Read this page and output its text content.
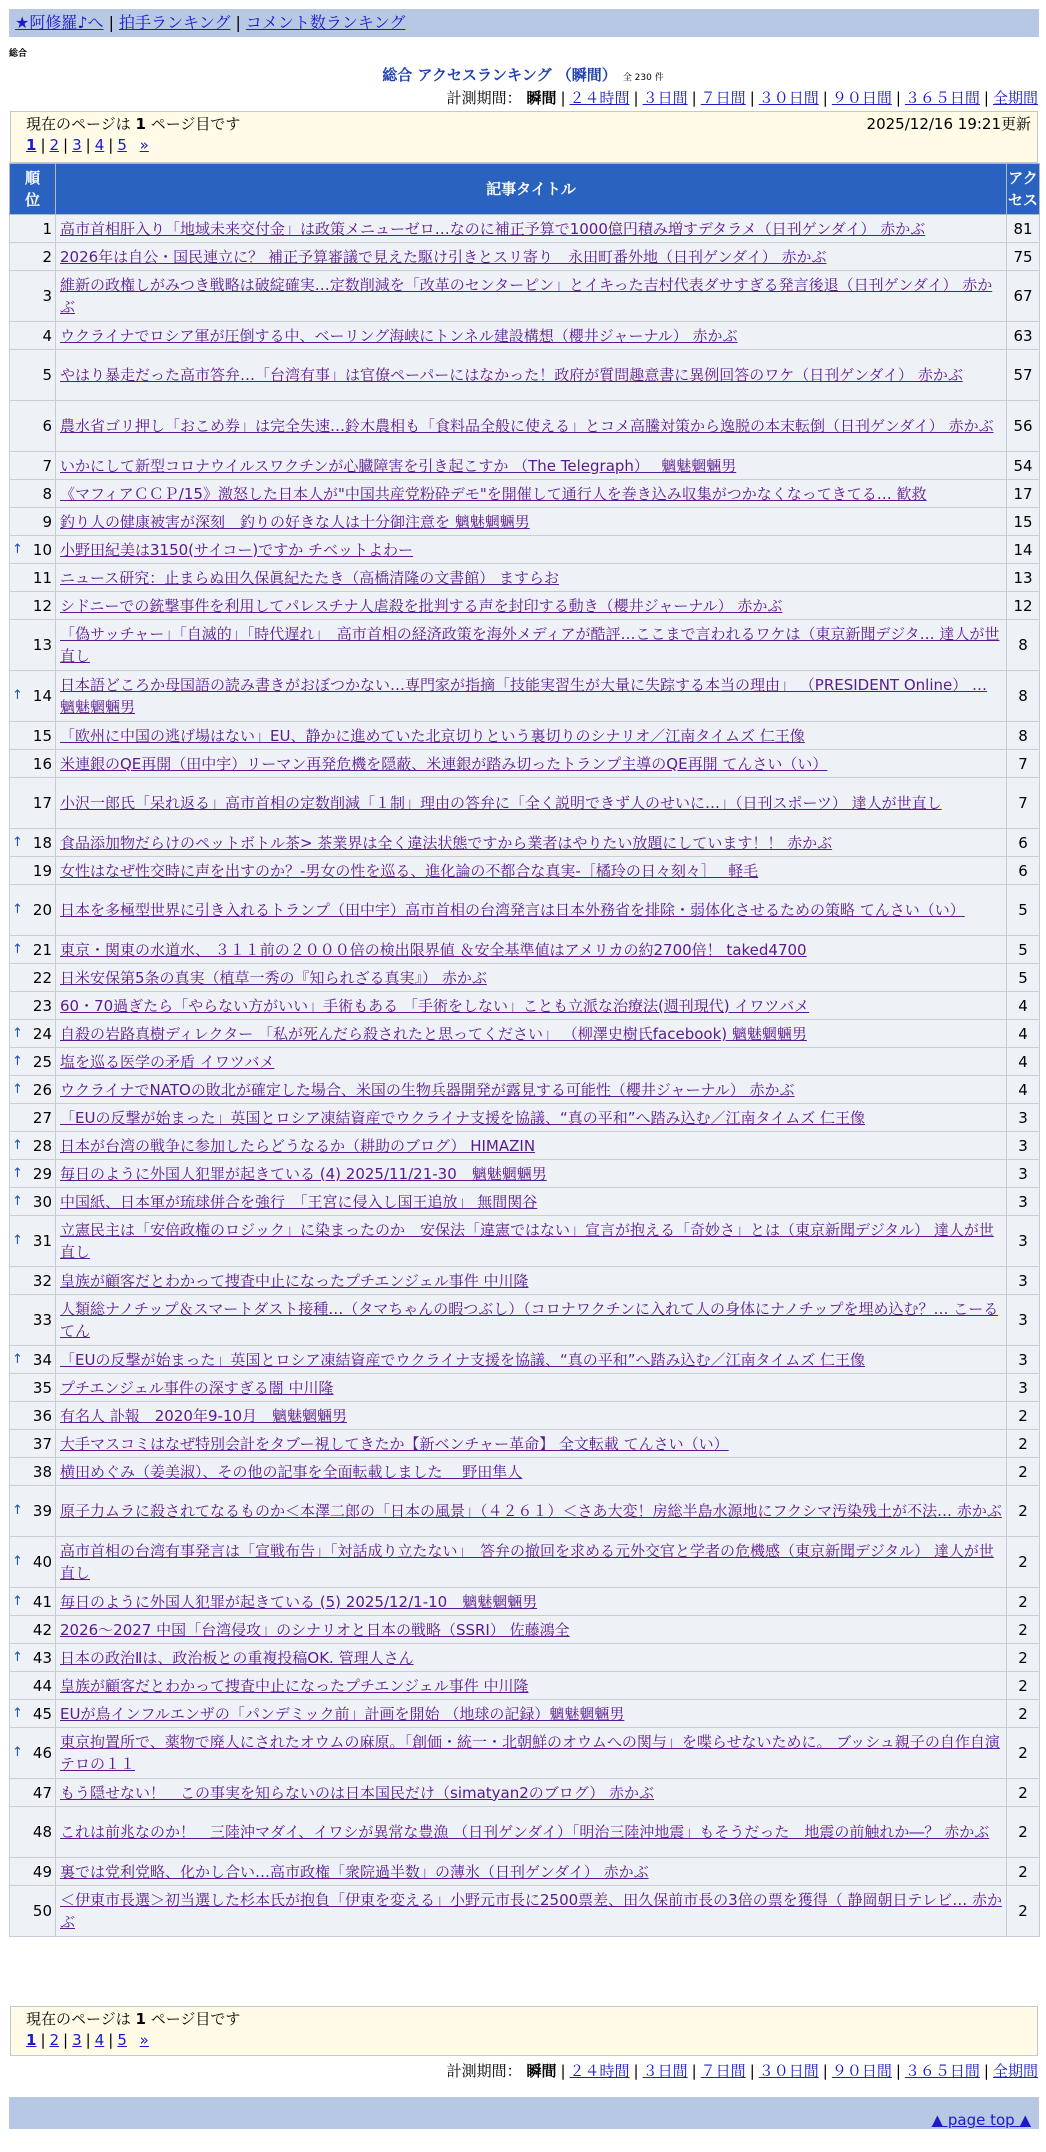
★阿修羅♪へ | 拍手ランキング | コメント数ランキング
総合
総合 アクセスランキング （瞬間） 全 230 件
計測期間： 瞬間 | ２４時間 | ３日間 | ７日間 | ３０日間 | ９０日間 | ３６５日間 | 全期間
現在のページは 1 ページ目です	2025/12/16 19:21更新
1 | 2 | 3 | 4 | 5 »
順位	記事タイトル	アクセス
1	高市首相肝入り「地域未来交付金」は政策メニューゼロ…なのに補正予算で1000億円積み増すデタラメ（日刊ゲンダイ） 赤かぶ	81
2	2026年は自公・国民連立に？ 補正予算審議で見えた駆け引きとスリ寄り　永田町番外地（日刊ゲンダイ） 赤かぶ	75
3	維新の政権しがみつき戦略は破綻確実…定数削減を「改革のセンターピン」とイキった吉村代表ダサすぎる発言後退（日刊ゲンダイ） 赤かぶ	67
4	ウクライナでロシア軍が圧倒する中、ベーリング海峡にトンネル建設構想（櫻井ジャーナル） 赤かぶ	63
5	やはり暴走だった高市答弁…「台湾有事」は官僚ペーパーにはなかった！政府が質問趣意書に異例回答のワケ（日刊ゲンダイ） 赤かぶ	57
6	農水省ゴリ押し「おこめ券」は完全失速…鈴木農相も「食料品全般に使える」とコメ高騰対策から逸脱の本末転倒（日刊ゲンダイ） 赤かぶ	56
7	いかにして新型コロナウイルスワクチンが心臓障害を引き起こすか （The Telegraph）　 魑魅魍魎男	54
8	《マフィアＣＣＰ/15》激怒した日本人が"中国共産党粉砕デモ"を開催して通行人を巻き込み収集がつかなくなってきてる… 歓救	17
9	釣り人の健康被害が深刻　釣りの好きな人は十分御注意を 魑魅魍魎男	15

↑ 10	小野田紀美は3150(サイコー)ですか チベットよわー	14
11	ニュース研究：止まらぬ田久保眞紀たたき（高橋清隆の文書館） ますらお	13
12	シドニーでの銃撃事件を利用してパレスチナ人虐殺を批判する声を封印する動き（櫻井ジャーナル） 赤かぶ	12
13	「偽サッチャー」「自滅的」「時代遅れ」　高市首相の経済政策を海外メディアが酷評…ここまで言われるワケは（東京新聞デジタ… 達人が世直し	8

↑ 14	日本語どころか母国語の読み書きがおぼつかない…専門家が指摘「技能実習生が大量に失踪する本当の理由」 （PRESIDENT Online） … 魑魅魍魎男	8
15	「欧州に中国の逃げ場はない」EU、静かに進めていた北京切りという裏切りのシナリオ／江南タイムズ 仁王像	8
16	米連銀のQE再開（田中宇）リーマン再発危機を隠蔽、米連銀が踏み切ったトランプ主導のQE再開 てんさい（い）	7
17	小沢一郎氏「呆れ返る」高市首相の定数削減「１制」理由の答弁に「全く説明できず人のせいに…」（日刊スポーツ） 達人が世直し	7

↑ 18	食品添加物だらけのペットボトル茶> 茶業界は全く違法状態ですから業者はやりたい放題にしています！！ 赤かぶ	6
19	女性はなぜ性交時に声を出すのか？-男女の性を巡る、進化論の不都合な真実-［橘玲の日々刻々］　 軽毛	6

↑ 20	日本を多極型世界に引き入れるトランプ（田中宇）高市首相の台湾発言は日本外務省を排除・弱体化させるための策略 てんさい（い）	5

↑ 21	東京・関東の水道水、 ３１１前の２０００倍の検出限界値 ＆安全基準値はアメリカの約2700倍！ taked4700	5
22	日米安保第5条の真実（植草一秀の『知られざる真実』） 赤かぶ	5
23	60・70過ぎたら「やらない方がいい」手術もある 「手術をしない」ことも立派な治療法(週刊現代) イワツバメ	4

↑ 24	自殺の岩路真樹ディレクター 「私が死んだら殺されたと思ってください」 （柳澤史樹氏facebook) 魑魅魍魎男	4

↑ 25	塩を巡る医学の矛盾 イワツバメ	4

↑ 26	ウクライナでNATOの敗北が確定した場合、米国の生物兵器開発が露見する可能性（櫻井ジャーナル） 赤かぶ	4
27	「EUの反撃が始まった」英国とロシア凍結資産でウクライナ支援を協議、“真の平和”へ踏み込む／江南タイムズ 仁王像	3

↑ 28	日本が台湾の戦争に参加したらどうなるか（耕助のブログ） HIMAZIN	3

↑ 29	毎日のように外国人犯罪が起きている (4) 2025/11/21-30　魑魅魍魎男	3

↑ 30	中国紙、日本軍が琉球併合を強行　「王宮に侵入し国王追放」 無間関谷	3

↑ 31	立憲民主は「安倍政権のロジック」に染まったのか　安保法「違憲ではない」宣言が抱える「奇妙さ」とは（東京新聞デジタル） 達人が世直し	3
32	皇族が顧客だとわかって捜査中止になったプチエンジェル事件 中川隆	3
33	人類総ナノチップ＆スマートダスト接種…（タマちゃんの暇つぶし）（コロナワクチンに入れて人の身体にナノチップを埋め込む？… こーるてん	3

↑ 34	「EUの反撃が始まった」英国とロシア凍結資産でウクライナ支援を協議、“真の平和”へ踏み込む／江南タイムズ 仁王像	3
35	プチエンジェル事件の深すぎる闇 中川隆	3
36	有名人 訃報　2020年9-10月　魑魅魍魎男	2
37	大手マスコミはなぜ特別会計をタブー視してきたか【新ベンチャー革命】 全文転載 てんさい（い）	2
38	横田めぐみ（姜美淑）、その他の記事を全面転載しました　 野田隼人	2

↑ 39	原子力ムラに殺されてなるものか＜本澤二郎の「日本の風景」（４２６１）＜さあ大変！房総半島水源地にフクシマ汚染残土が不法… 赤かぶ	2

↑ 40	高市首相の台湾有事発言は「宣戦布告」「対話成り立たない」　答弁の撤回を求める元外交官と学者の危機感（東京新聞デジタル） 達人が世直し	2

↑ 41	毎日のように外国人犯罪が起きている (5) 2025/12/1-10　魑魅魍魎男	2
42	2026～2027 中国「台湾侵攻」のシナリオと日本の戦略（SSRI） 佐藤鴻全	2

↑ 43	日本の政治Ⅱは、政治板との重複投稿OK. 管理人さん	2
44	皇族が顧客だとわかって捜査中止になったプチエンジェル事件 中川隆	2

↑ 45	EUが鳥インフルエンザの「パンデミック前」計画を開始 （地球の記録）魑魅魍魎男	2

↑ 46	東京拘置所で、薬物で廃人にされたオウムの麻原。「創価・統一・北朝鮮のオウムへの関与」を喋らせないために。 ブッシュ親子の自作自演テロの１１	2
47	もう隠せない！　この事実を知らないのは日本国民だけ（simatyan2のブログ） 赤かぶ	2
48	これは前兆なのか！　三陸沖マダイ、イワシが異常な豊漁 （日刊ゲンダイ）「明治三陸沖地震」もそうだった　地震の前触れか―？ 赤かぶ	2
49	裏では党利党略、化かし合い…高市政権「衆院過半数」の薄氷（日刊ゲンダイ） 赤かぶ	2
50	＜伊東市長選＞初当選した杉本氏が抱負「伊東を変える」小野元市長に2500票差、田久保前市長の3倍の票を獲得（ 静岡朝日テレビ… 赤かぶ	2
現在のページは 1 ページ目です
1 | 2 | 3 | 4 | 5 »
計測期間： 瞬間 | ２４時間 | ３日間 | ７日間 | ３０日間 | ９０日間 | ３６５日間 | 全期間
▲ page top ▲
